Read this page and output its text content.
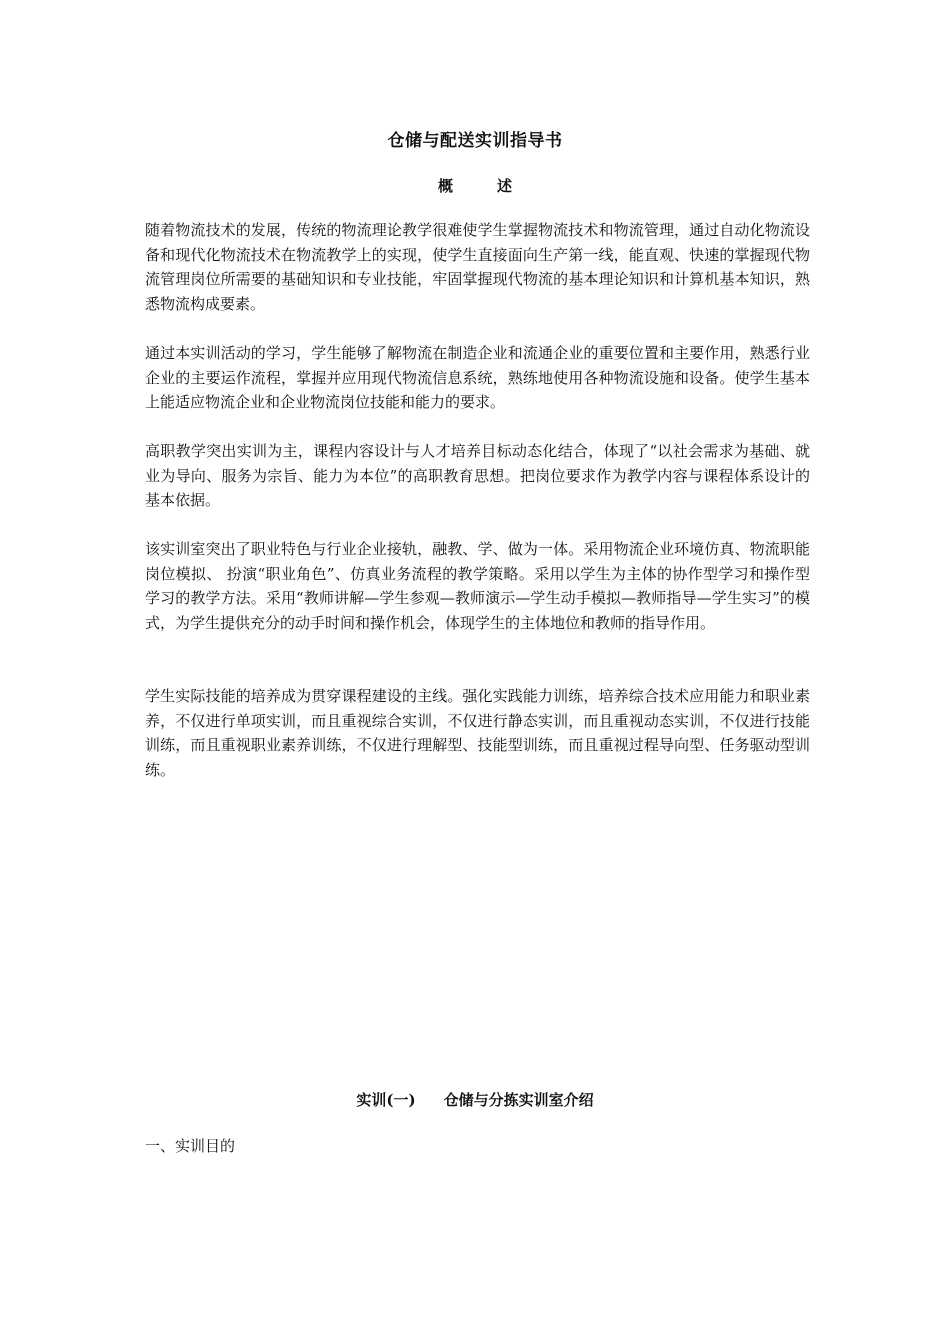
仓储与配送实训指导书
概	述

随着物流技术的发展，传统的物流理论教学很难使学生掌握物流技术和物流管理，通过自动化物流设备和现代化物流技术在物流教学上的实现，使学生直接面向生产第一线，能直观、快速的掌握现代物流管理岗位所需要的基础知识和专业技能，牢固掌握现代物流的基本理论知识和计算机基本知识，熟悉物流构成要素。

通过本实训活动的学习，学生能够了解物流在制造企业和流通企业的重要位置和主要作用，熟悉行业企业的主要运作流程，掌握并应用现代物流信息系统，熟练地使用各种物流设施和设备。使学生基本上能适应物流企业和企业物流岗位技能和能力的要求。

高职教学突出实训为主，课程内容设计与人才培养目标动态化结合，体现了“以社会需求为基础、就业为导向、服务为宗旨、能力为本位”的高职教育思想。把岗位要求作为教学内容与课程体系设计的基本依据。

该实训室突出了职业特色与行业企业接轨，融教、学、做为一体。采用物流企业环境仿真、物流职能岗位模拟、 扮演“职业角色”、仿真业务流程的教学策略。采用以学生为主体的协作型学习和操作型学习的教学方法。采用“教师讲解—学生参观—教师演示—学生动手模拟—教师指导—学生实习”的模式，为学生提供充分的动手时间和操作机会，体现学生的主体地位和教师的指导作用。

学生实际技能的培养成为贯穿课程建设的主线。强化实践能力训练，培养综合技术应用能力和职业素养，不仅进行单项实训，而且重视综合实训，不仅进行静态实训，而且重视动态实训，不仅进行技能训练，而且重视职业素养训练，不仅进行理解型、技能型训练，而且重视过程导向型、任务驱动型训练。

实训(一) 仓储与分拣实训室介绍
一、实训目的
